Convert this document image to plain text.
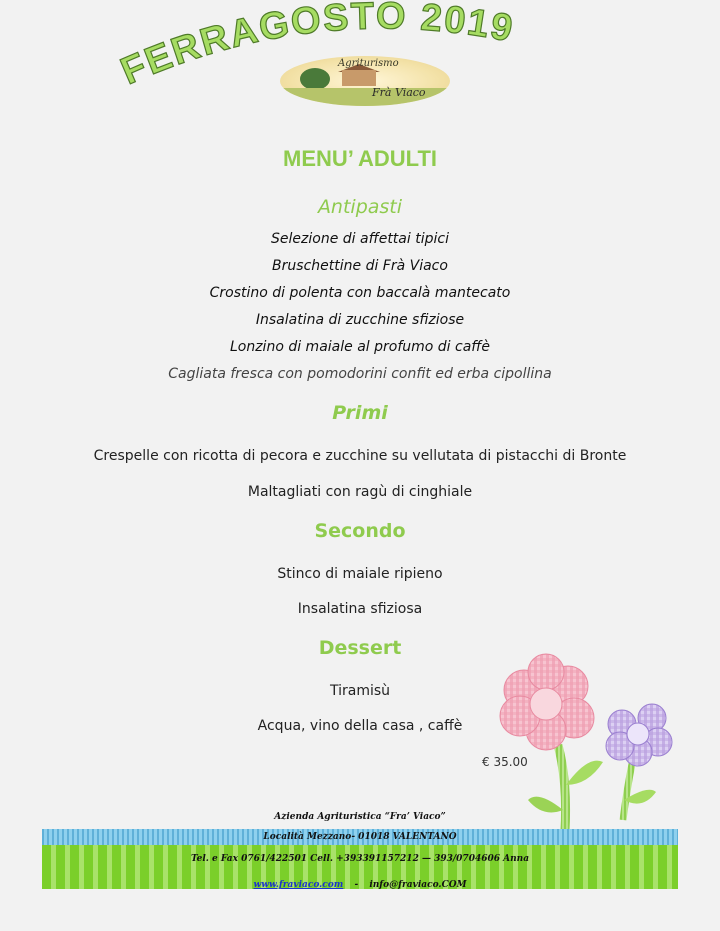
FERRAGOSTO 2019
Agriturismo
Frà Viaco
MENU’ ADULTI
Antipasti
Selezione di affettai tipici
Bruschettine di Frà Viaco
Crostino di polenta con baccalà mantecato
Insalatina di zucchine sfiziose
Lonzino di maiale al profumo di caffè
Cagliata fresca con pomodorini confit ed erba cipollina
Primi
Crespelle con ricotta di pecora e zucchine su vellutata di pistacchi di Bronte
Maltagliati con ragù di cinghiale
Secondo
Stinco di maiale ripieno
Insalatina sfiziosa
Dessert
Tiramisù
Acqua, vino della casa , caffè
€ 35.00
Azienda Agrituristica “Fra’ Viaco”
Località Mezzano- 01018 VALENTANO
Tel. e Fax 0761/422501 Cell. +393391157212 — 393/0704606 Anna
www.fraviaco.com - info@fraviaco.COM
